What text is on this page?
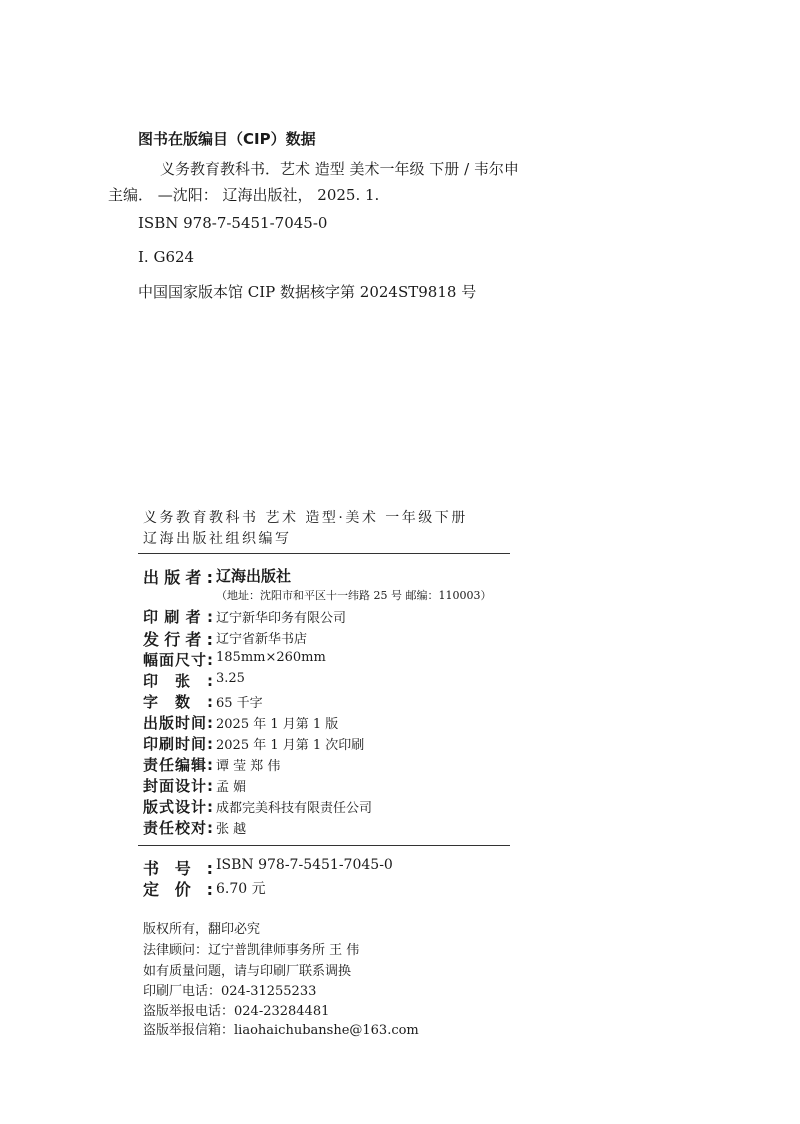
图书在版编目（CIP）数据
义务教育教科书．艺术 造型 美术一年级 下册 / 韦尔申
主编． —沈阳： 辽海出版社， 2025. 1.
ISBN 978-7-5451-7045-0
I. G624
中国国家版本馆 CIP 数据核字第 2024ST9818 号
义务教育教科书 艺术 造型·美术 一年级下册
辽海出版社组织编写
出版者: 辽海出版社
（地址：沈阳市和平区十一纬路 25 号 邮编：110003）
印刷者: 辽宁新华印务有限公司
发行者: 辽宁省新华书店
幅面尺寸: 185mm×260mm
印张: 3.25
字数: 65 千字
出版时间: 2025 年 1 月第 1 版
印刷时间: 2025 年 1 月第 1 次印刷
责任编辑: 谭 莹 郑 伟
封面设计: 孟 媚
版式设计: 成都完美科技有限责任公司
责任校对: 张 越
书号: ISBN 978-7-5451-7045-0
定价: 6.70 元
版权所有，翻印必究
法律顾问：辽宁普凯律师事务所 王 伟
如有质量问题，请与印刷厂联系调换
印刷厂电话：024-31255233
盗版举报电话：024-23284481
盗版举报信箱：liaohaichubanshe@163.com
